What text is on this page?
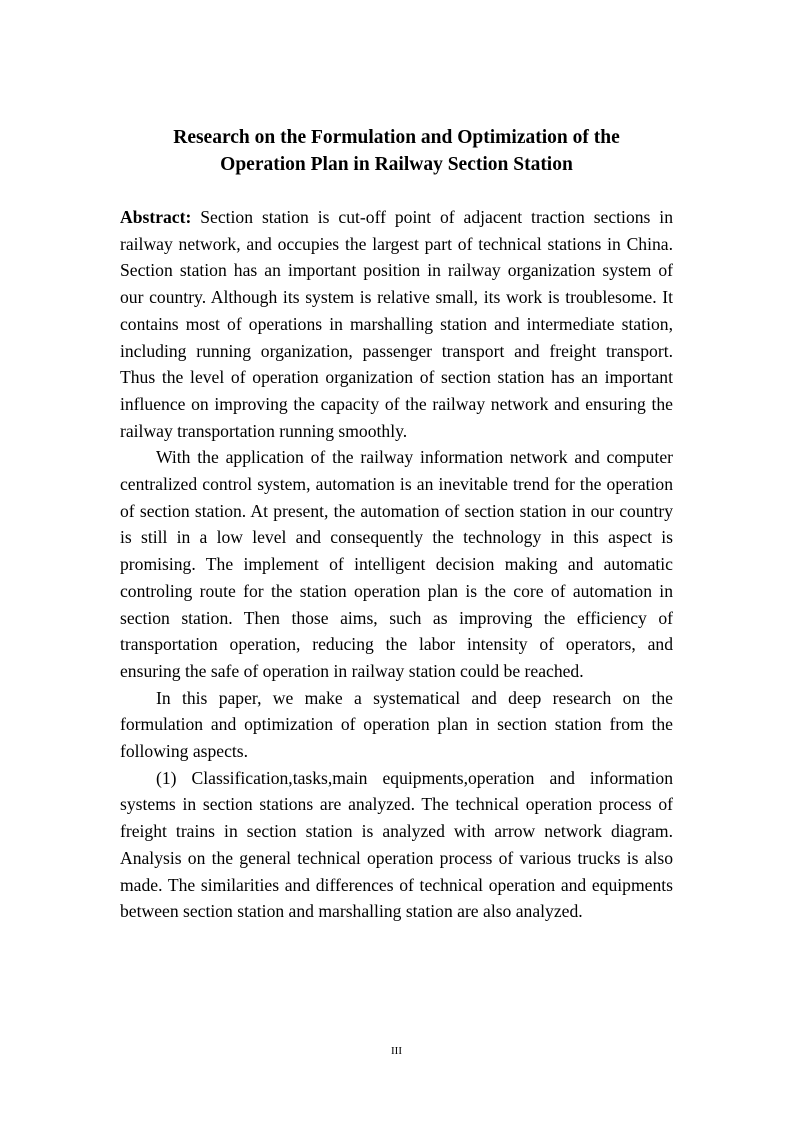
Research on the Formulation and Optimization of the
Operation Plan in Railway Section Station

Abstract: Section station is cut-off point of adjacent traction sections in railway network, and occupies the largest part of technical stations in China. Section station has an important position in railway organization system of our country. Although its system is relative small, its work is troublesome. It contains most of operations in marshalling station and intermediate station, including running organization, passenger transport and freight transport. Thus the level of operation organization of section station has an important influence on improving the capacity of the railway network and ensuring the railway transportation running smoothly.

With the application of the railway information network and computer centralized control system, automation is an inevitable trend for the operation of section station. At present, the automation of section station in our country is still in a low level and consequently the technology in this aspect is promising. The implement of intelligent decision making and automatic controling route for the station operation plan is the core of automation in section station. Then those aims, such as improving the efficiency of transportation operation, reducing the labor intensity of operators, and ensuring the safe of operation in railway station could be reached.

In this paper, we make a systematical and deep research on the formulation and optimization of operation plan in section station from the following aspects.

(1) Classification,tasks,main equipments,operation and information systems in section stations are analyzed. The technical operation process of freight trains in section station is analyzed with arrow network diagram. Analysis on the general technical operation process of various trucks is also made. The similarities and differences of technical operation and equipments between section station and marshalling station are also analyzed.

III
